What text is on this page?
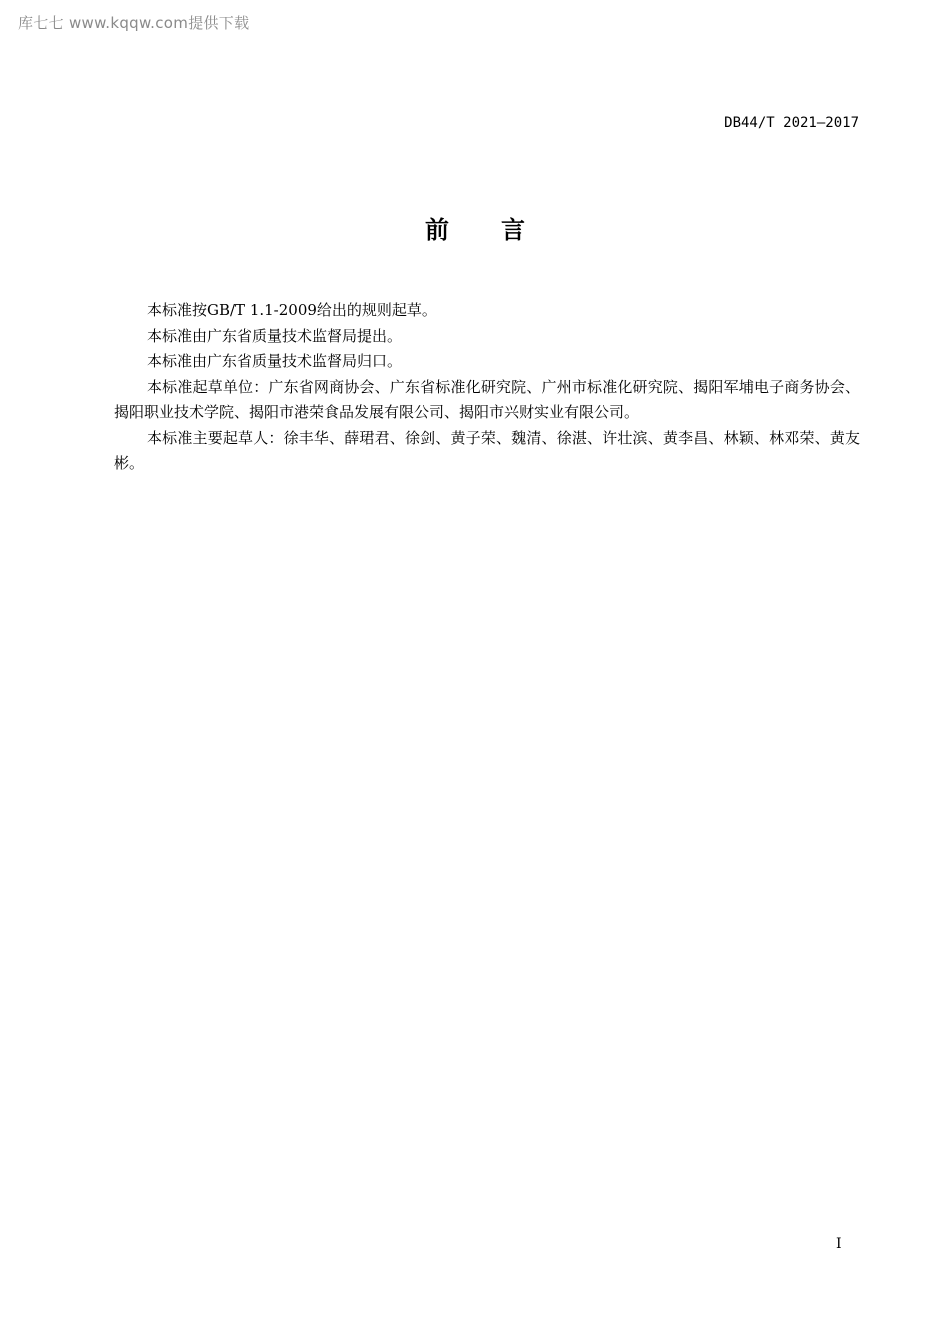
库七七 www.kqqw.com提供下载
DB44/T 2021—2017
前言

本标准按GB/T 1.1-2009给出的规则起草。

本标准由广东省质量技术监督局提出。

本标准由广东省质量技术监督局归口。

本标准起草单位：广东省网商协会、广东省标准化研究院、广州市标准化研究院、揭阳军埔电子商务协会、揭阳职业技术学院、揭阳市港荣食品发展有限公司、揭阳市兴财实业有限公司。

本标准主要起草人：徐丰华、薛珺君、徐剑、黄子荣、魏清、徐湛、许壮滨、黄李昌、林颖、林邓荣、黄友彬。

I
